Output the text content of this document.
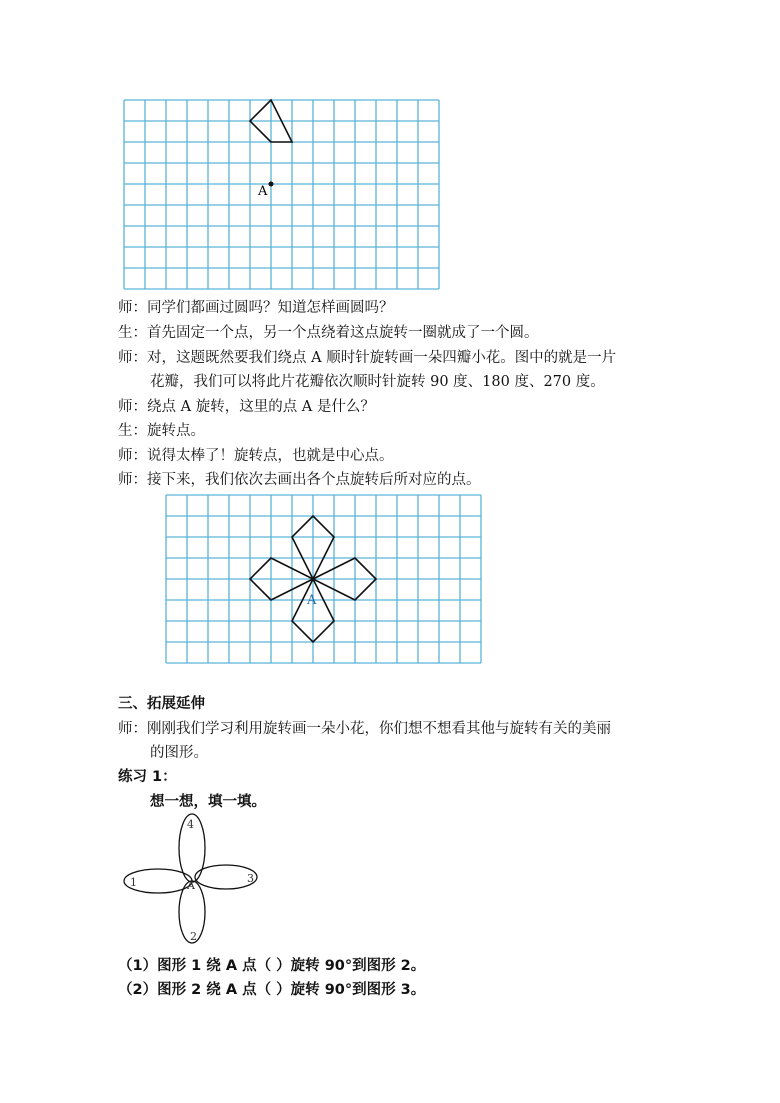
A
师：同学们都画过圆吗？知道怎样画圆吗？
生：首先固定一个点，另一个点绕着这点旋转一圈就成了一个圆。
师：对，这题既然要我们绕点 A 顺时针旋转画一朵四瓣小花。图中的就是一片
花瓣，我们可以将此片花瓣依次顺时针旋转 90 度、180 度、270 度。
师：绕点 A 旋转，这里的点 A 是什么？
生：旋转点。
师：说得太棒了！旋转点，也就是中心点。
师：接下来，我们依次去画出各个点旋转后所对应的点。
A
三、拓展延伸
师：刚刚我们学习利用旋转画一朵小花，你们想不想看其他与旋转有关的美丽
的图形。
练习 1：
想一想，填一填。
4
1	3
2
A
（1）图形 1 绕 A 点（ ）旋转 90°到图形 2。
（2）图形 2 绕 A 点（ ）旋转 90°到图形 3。
